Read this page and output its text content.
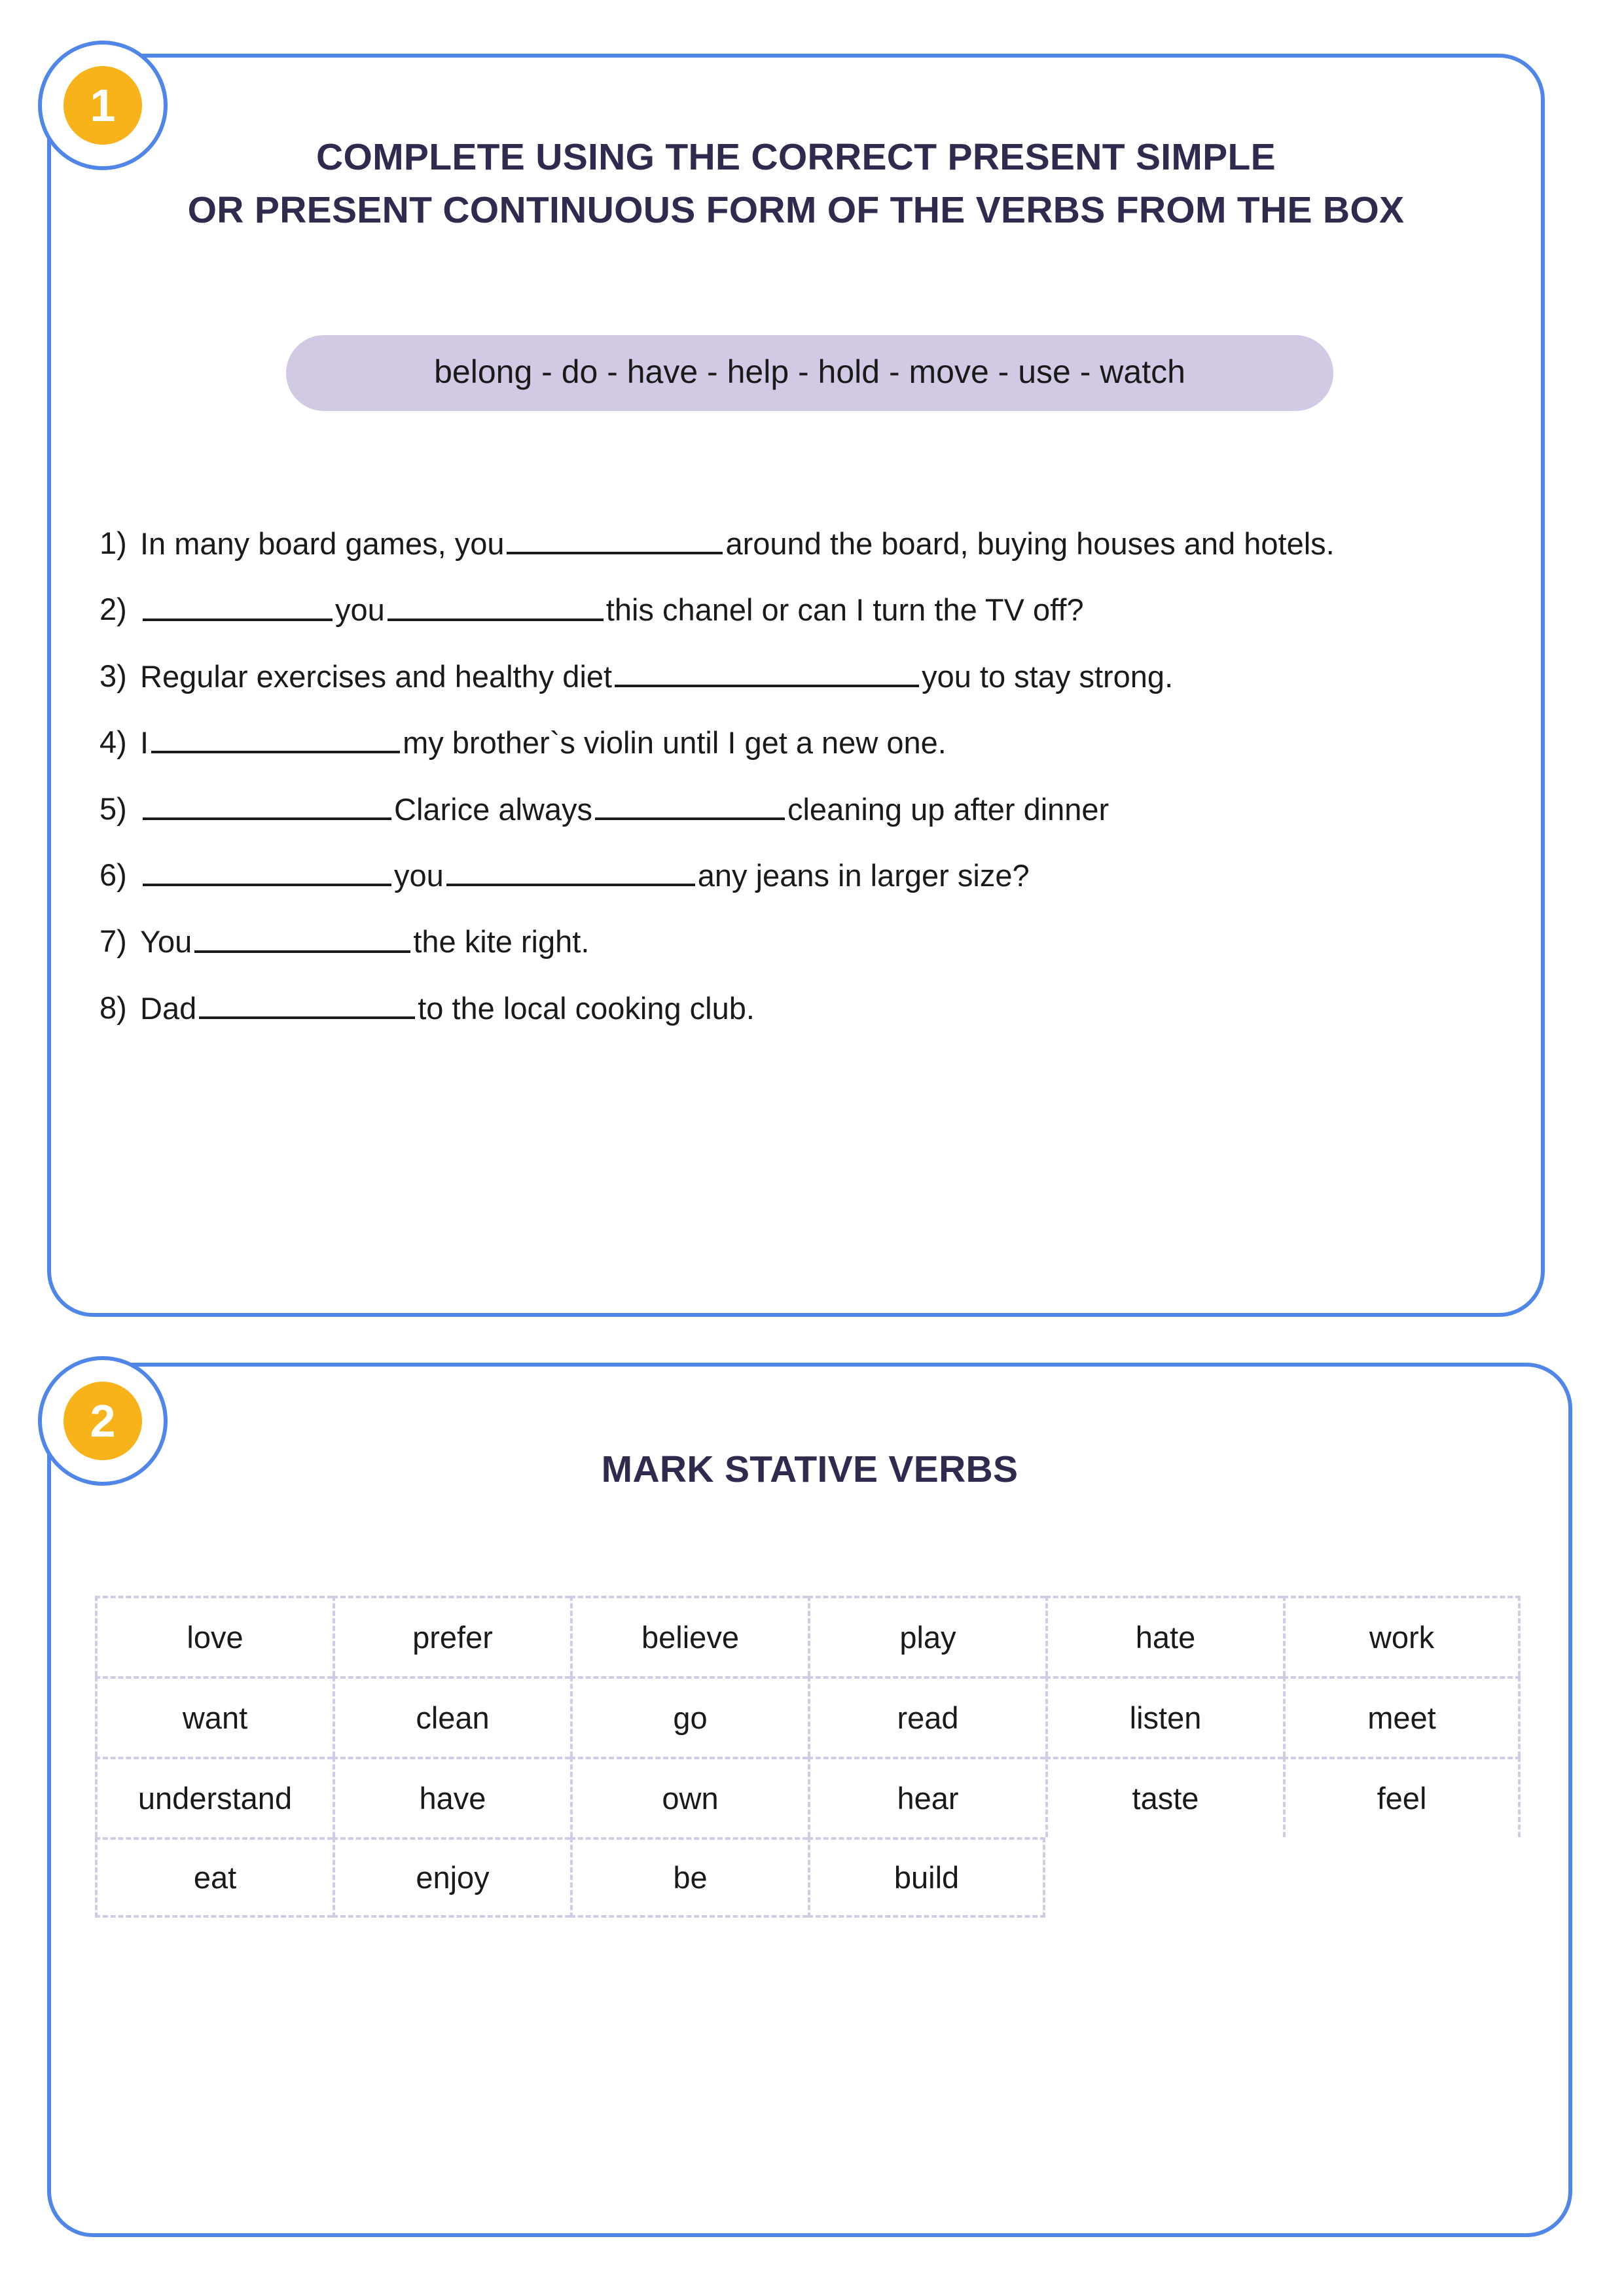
1
COMPLETE USING THE CORRECT PRESENT SIMPLE
OR PRESENT CONTINUOUS FORM OF THE VERBS FROM THE BOX
belong - do - have - help - hold - move - use - watch
1) In many board games, you	around the board, buying houses and hotels.
2)	you	this chanel or can I turn the TV off?
3) Regular exercises and healthy diet	you to stay strong.
4) I	my brother`s violin until I get a new one.
5)	Clarice always	cleaning up after dinner
6)	you	any jeans in larger size?
7) You	the kite right.
8) Dad	to the local cooking club.
2
MARK STATIVE VERBS
love	prefer	believe	play	hate	work
want	clean	go	read	listen	meet
understand	have	own	hear	taste	feel
eat	enjoy	be	build
